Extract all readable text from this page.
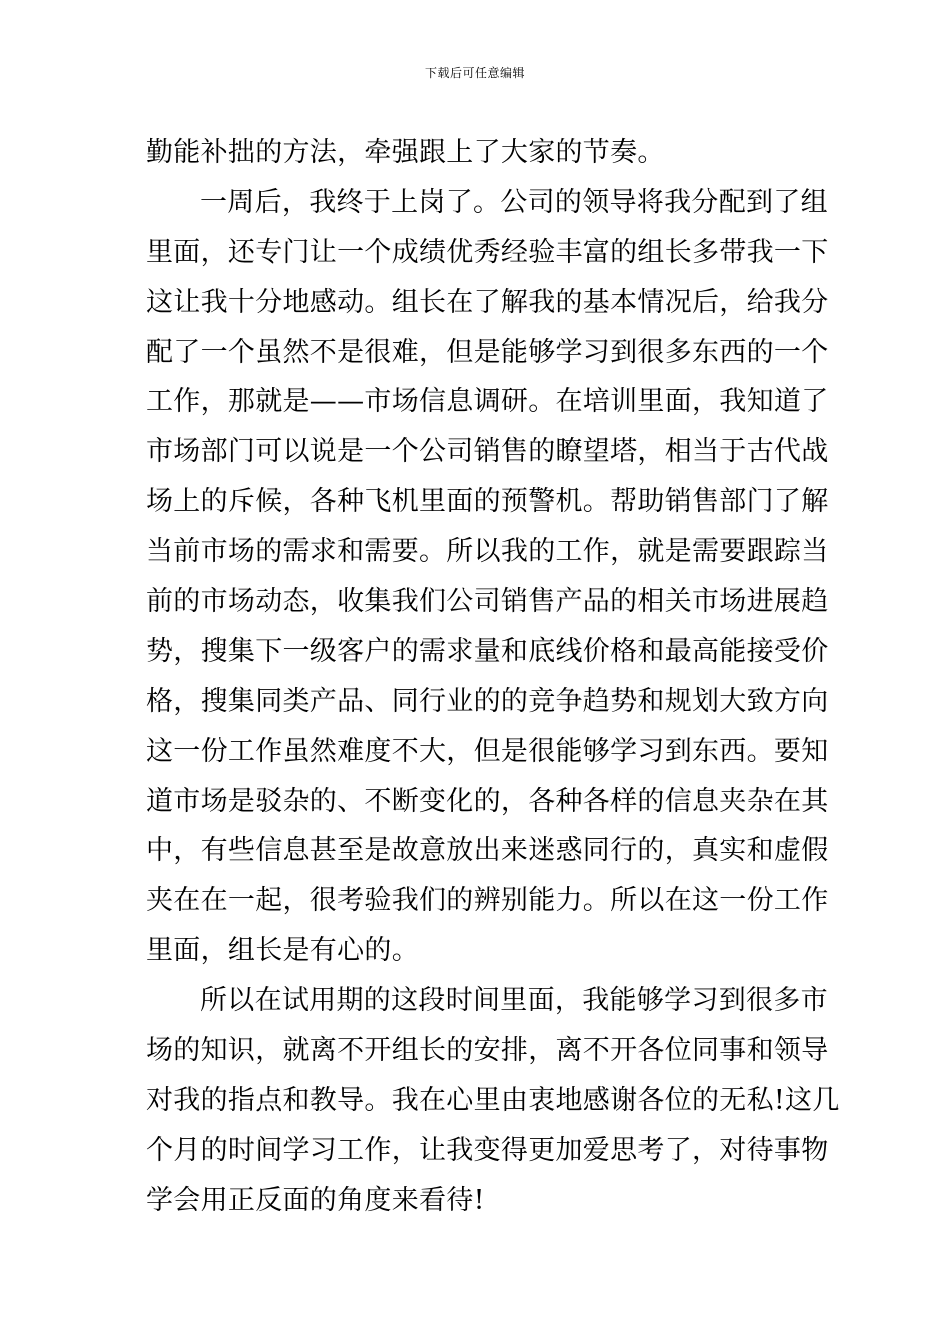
下载后可任意编辑
勤能补拙的方法，牵强跟上了大家的节奏。
一周后，我终于上岗了。公司的领导将我分配到了组
里面，还专门让一个成绩优秀经验丰富的组长多带我一下
这让我十分地感动。组长在了解我的基本情况后，给我分
配了一个虽然不是很难，但是能够学习到很多东西的一个
工作，那就是——市场信息调研。在培训里面，我知道了
市场部门可以说是一个公司销售的瞭望塔，相当于古代战
场上的斥候，各种飞机里面的预警机。帮助销售部门了解
当前市场的需求和需要。所以我的工作，就是需要跟踪当
前的市场动态，收集我们公司销售产品的相关市场进展趋
势，搜集下一级客户的需求量和底线价格和最高能接受价
格，搜集同类产品、同行业的的竞争趋势和规划大致方向
这一份工作虽然难度不大，但是很能够学习到东西。要知
道市场是驳杂的、不断变化的，各种各样的信息夹杂在其
中，有些信息甚至是故意放出来迷惑同行的，真实和虚假
夹在在一起，很考验我们的辨别能力。所以在这一份工作
里面，组长是有心的。
所以在试用期的这段时间里面，我能够学习到很多市
场的知识，就离不开组长的安排，离不开各位同事和领导
对我的指点和教导。我在心里由衷地感谢各位的无私!这几
个月的时间学习工作，让我变得更加爱思考了，对待事物
学会用正反面的角度来看待!
